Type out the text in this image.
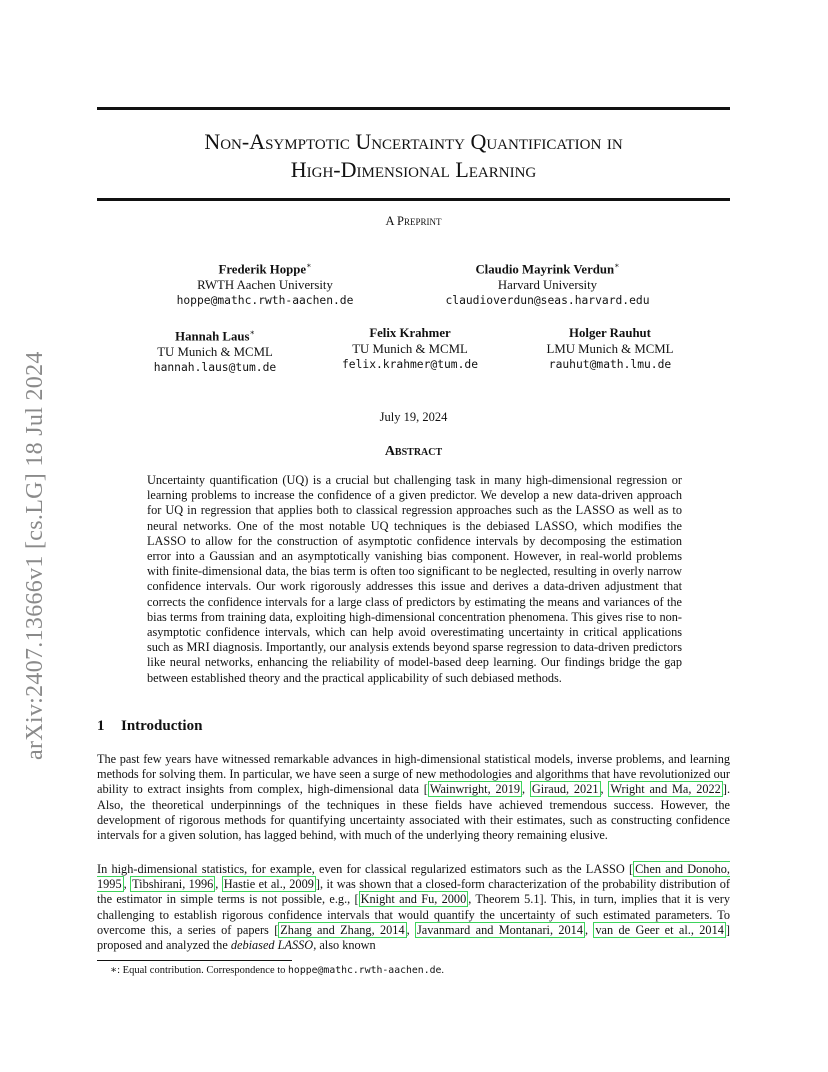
arXiv:2407.13666v1 [cs.LG] 18 Jul 2024
Non-Asymptotic Uncertainty Quantification in
High-Dimensional Learning
A Preprint
Frederik Hoppe∗
RWTH Aachen University
hoppe@mathc.rwth-aachen.de
Claudio Mayrink Verdun∗
Harvard University
claudioverdun@seas.harvard.edu
Hannah Laus∗
TU Munich & MCML
hannah.laus@tum.de
Felix Krahmer
TU Munich & MCML
felix.krahmer@tum.de
Holger Rauhut
LMU Munich & MCML
rauhut@math.lmu.de
July 19, 2024
Abstract
Uncertainty quantification (UQ) is a crucial but challenging task in many high-dimensional regression or learning problems to increase the confidence of a given predictor. We develop a new data-driven approach for UQ in regression that applies both to classical regression approaches such as the LASSO as well as to neural networks. One of the most notable UQ techniques is the debiased LASSO, which modifies the LASSO to allow for the construction of asymptotic confidence intervals by decomposing the estimation error into a Gaussian and an asymptotically vanishing bias component. However, in real-world problems with finite-dimensional data, the bias term is often too significant to be neglected, resulting in overly narrow confidence intervals. Our work rigorously addresses this issue and derives a data-driven adjustment that corrects the confidence intervals for a large class of predictors by estimating the means and variances of the bias terms from training data, exploiting high-dimensional concentration phenomena. This gives rise to non-asymptotic confidence intervals, which can help avoid overestimating uncertainty in critical applications such as MRI diagnosis. Importantly, our analysis extends beyond sparse regression to data-driven predictors like neural networks, enhancing the reliability of model-based deep learning. Our findings bridge the gap between established theory and the practical applicability of such debiased methods.
1 Introduction
The past few years have witnessed remarkable advances in high-dimensional statistical models, inverse problems, and learning methods for solving them. In particular, we have seen a surge of new methodologies and algorithms that have revolutionized our ability to extract insights from complex, high-dimensional data [ Wainwright, 2019 , Giraud, 2021 , Wright and Ma, 2022 ]. Also, the theoretical underpinnings of the techniques in these fields have achieved tremendous success. However, the development of rigorous methods for quantifying uncertainty associated with their estimates, such as constructing confidence intervals for a given solution, has lagged behind, with much of the underlying theory remaining elusive.
In high-dimensional statistics, for example, even for classical regularized estimators such as the LASSO [ Chen and Donoho, 1995 , Tibshirani, 1996 , Hastie et al., 2009 ], it was shown that a closed-form characterization of the probability distribution of the estimator in simple terms is not possible, e.g., [ Knight and Fu, 2000 , Theorem 5.1]. This, in turn, implies that it is very challenging to establish rigorous confidence intervals that would quantify the uncertainty of such estimated parameters. To overcome this, a series of papers [ Zhang and Zhang, 2014 , Javanmard and Montanari, 2014 , van de Geer et al., 2014 ] proposed and analyzed the debiased LASSO, also known
∗: Equal contribution. Correspondence to hoppe@mathc.rwth-aachen.de.
